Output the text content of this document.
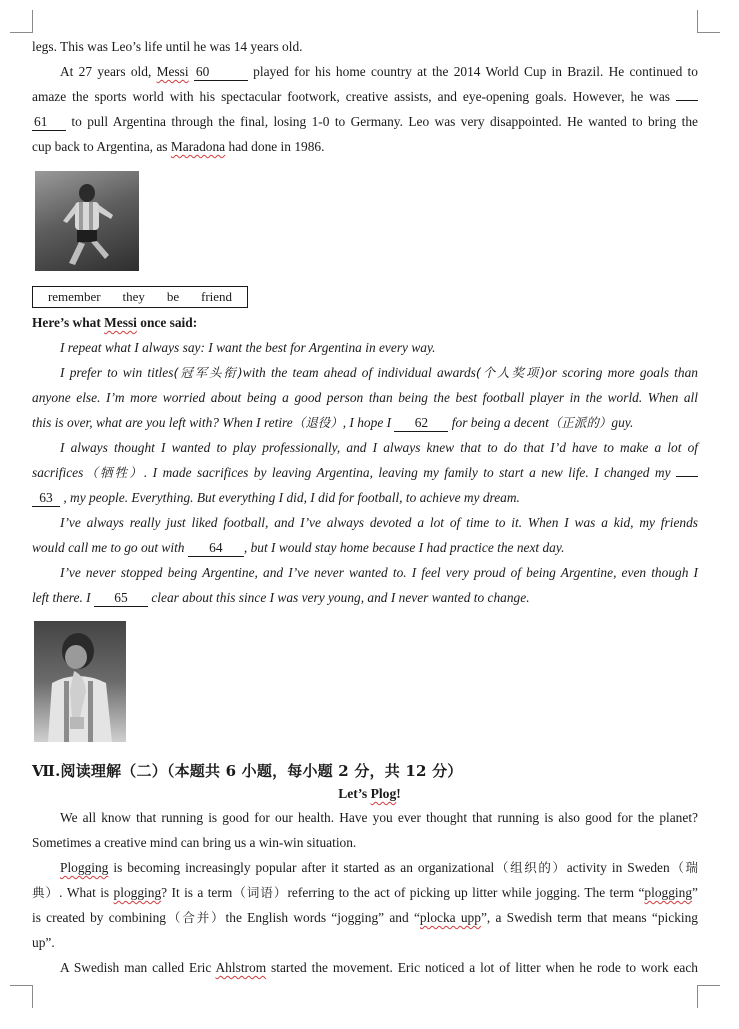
legs. This was Leo’s life until he was 14 years old.
At 27 years old, Messi 60	played for his home country at the 2014 World Cup in Brazil. He continued to
amaze the sports world with his spectacular footwork, creative assists, and eye-opening goals. However, he was
61 to pull Argentina through the final, losing 1-0 to Germany. Leo was very disappointed. He wanted to bring the
cup back to Argentina, as Maradona had done in 1986.
remember they be friend
Here’s what Messi once said:
I repeat what I always say: I want the best for Argentina in every way.
I prefer to win titles(冠军头衔)with the team ahead of individual awards(个人奖项)or scoring more goals than
anyone else. I’m more worried about being a good person than being the best football player in the world. When all
this is over, what are you left with? When I retire（退役）, I hope I 62 for being a decent（正派的）guy.
I always thought I wanted to play professionally, and I always knew that to do that I’d have to make a lot of
sacrifices（牺牲）. I made sacrifices by leaving Argentina, leaving my family to start a new life. I changed my
63 , my people. Everything. But everything I did, I did for football, to achieve my dream.
I’ve always really just liked football, and I’ve always devoted a lot of time to it. When I was a kid, my friends
would call me to go out with 64 , but I would stay home because I had practice the next day.
I’ve never stopped being Argentine, and I’ve never wanted to. I feel very proud of being Argentine, even though I
left there. I 65 clear about this since I was very young, and I never wanted to change.
Ⅶ.阅读理解（二）（本题共 6 小题，每小题 2 分，共 12 分）
Let’s Plog!
We all know that running is good for our health. Have you ever thought that running is also good for the planet?
Sometimes a creative mind can bring us a win-win situation.
Plogging is becoming increasingly popular after it started as an organizational（组织的）activity in Sweden（瑞
典）. What is plogging? It is a term（词语）referring to the act of picking up litter while jogging. The term “plogging”
is created by combining（合并）the English words “jogging” and “plocka upp”, a Swedish term that means “picking
up”.
A Swedish man called Eric Ahlstrom started the movement. Eric noticed a lot of litter when he rode to work each
